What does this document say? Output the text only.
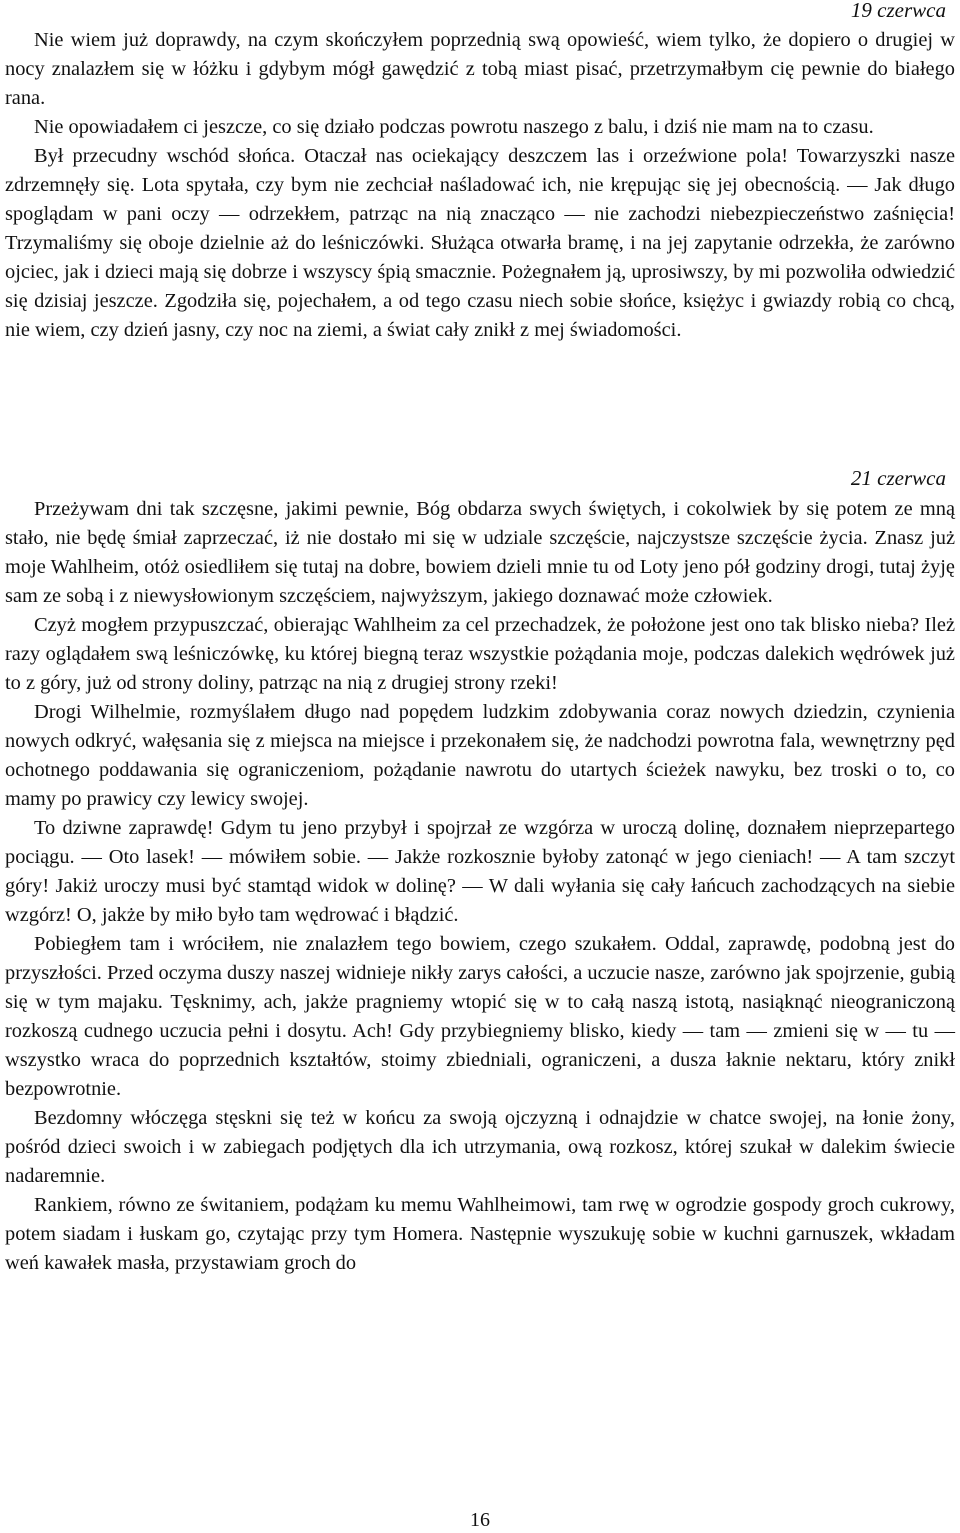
19 czerwca

Nie wiem już doprawdy, na czym skończyłem poprzednią swą opowieść, wiem tylko, że dopiero o drugiej w nocy znalazłem się w łóżku i gdybym mógł gawędzić z tobą miast pisać, przetrzymałbym cię pewnie do białego rana.

Nie opowiadałem ci jeszcze, co się działo podczas powrotu naszego z balu, i dziś nie mam na to czasu.

Był przecudny wschód słońca. Otaczał nas ociekający deszczem las i orzeźwione pola! Towarzyszki nasze zdrzemnęły się. Lota spytała, czy bym nie zechciał naśladować ich, nie krępując się jej obecnością. — Jak długo spoglądam w pani oczy — odrzekłem, patrząc na nią znacząco — nie zachodzi niebezpieczeństwo zaśnięcia! Trzymaliśmy się oboje dzielnie aż do leśniczówki. Służąca otwarła bramę, i na jej zapytanie odrzekła, że zarówno ojciec, jak i dzieci mają się dobrze i wszyscy śpią smacznie. Pożegnałem ją, uprosiwszy, by mi pozwoliła odwiedzić się dzisiaj jeszcze. Zgodziła się, pojechałem, a od tego czasu niech sobie słońce, księżyc i gwiazdy robią co chcą, nie wiem, czy dzień jasny, czy noc na ziemi, a świat cały znikł z mej świadomości.

21 czerwca

Przeżywam dni tak szczęsne, jakimi pewnie, Bóg obdarza swych świętych, i cokolwiek by się potem ze mną stało, nie będę śmiał zaprzeczać, iż nie dostało mi się w udziale szczęście, najczystsze szczęście życia. Znasz już moje Wahlheim, otóż osiedliłem się tutaj na dobre, bowiem dzieli mnie tu od Loty jeno pół godziny drogi, tutaj żyję sam ze sobą i z niewysłowionym szczęściem, najwyższym, jakiego doznawać może człowiek.

Czyż mogłem przypuszczać, obierając Wahlheim za cel przechadzek, że położone jest ono tak blisko nieba? Ileż razy oglądałem swą leśniczówkę, ku której biegną teraz wszystkie pożądania moje, podczas dalekich wędrówek już to z góry, już od strony doliny, patrząc na nią z drugiej strony rzeki!

Drogi Wilhelmie, rozmyślałem długo nad popędem ludzkim zdobywania coraz nowych dziedzin, czynienia nowych odkryć, wałęsania się z miejsca na miejsce i przekonałem się, że nadchodzi powrotna fala, wewnętrzny pęd ochotnego poddawania się ograniczeniom, pożądanie nawrotu do utartych ścieżek nawyku, bez troski o to, co mamy po prawicy czy lewicy swojej.

To dziwne zaprawdę! Gdym tu jeno przybył i spojrzał ze wzgórza w uroczą dolinę, doznałem nieprzepartego pociągu. — Oto lasek! — mówiłem sobie. — Jakże rozkosznie byłoby zatonąć w jego cieniach! — A tam szczyt góry! Jakiż uroczy musi być stamtąd widok w dolinę? — W dali wyłania się cały łańcuch zachodzących na siebie wzgórz! O, jakże by miło było tam wędrować i błądzić.

Pobiegłem tam i wróciłem, nie znalazłem tego bowiem, czego szukałem. Oddal, zaprawdę, podobną jest do przyszłości. Przed oczyma duszy naszej widnieje nikły zarys całości, a uczucie nasze, zarówno jak spojrzenie, gubią się w tym majaku. Tęsknimy, ach, jakże pragniemy wtopić się w to całą naszą istotą, nasiąknąć nieograniczoną rozkoszą cudnego uczucia pełni i dosytu. Ach! Gdy przybiegniemy blisko, kiedy — tam — zmieni się w — tu — wszystko wraca do poprzednich kształtów, stoimy zbiedniali, ograniczeni, a dusza łaknie nektaru, który znikł bezpowrotnie.

Bezdomny włóczęga stęskni się też w końcu za swoją ojczyzną i odnajdzie w chatce swojej, na łonie żony, pośród dzieci swoich i w zabiegach podjętych dla ich utrzymania, ową rozkosz, której szukał w dalekim świecie nadaremnie.

Rankiem, równo ze świtaniem, podążam ku memu Wahlheimowi, tam rwę w ogrodzie gospody groch cukrowy, potem siadam i łuskam go, czytając przy tym Homera. Następnie wyszukuję sobie w kuchni garnuszek, wkładam weń kawałek masła, przystawiam groch do

16
